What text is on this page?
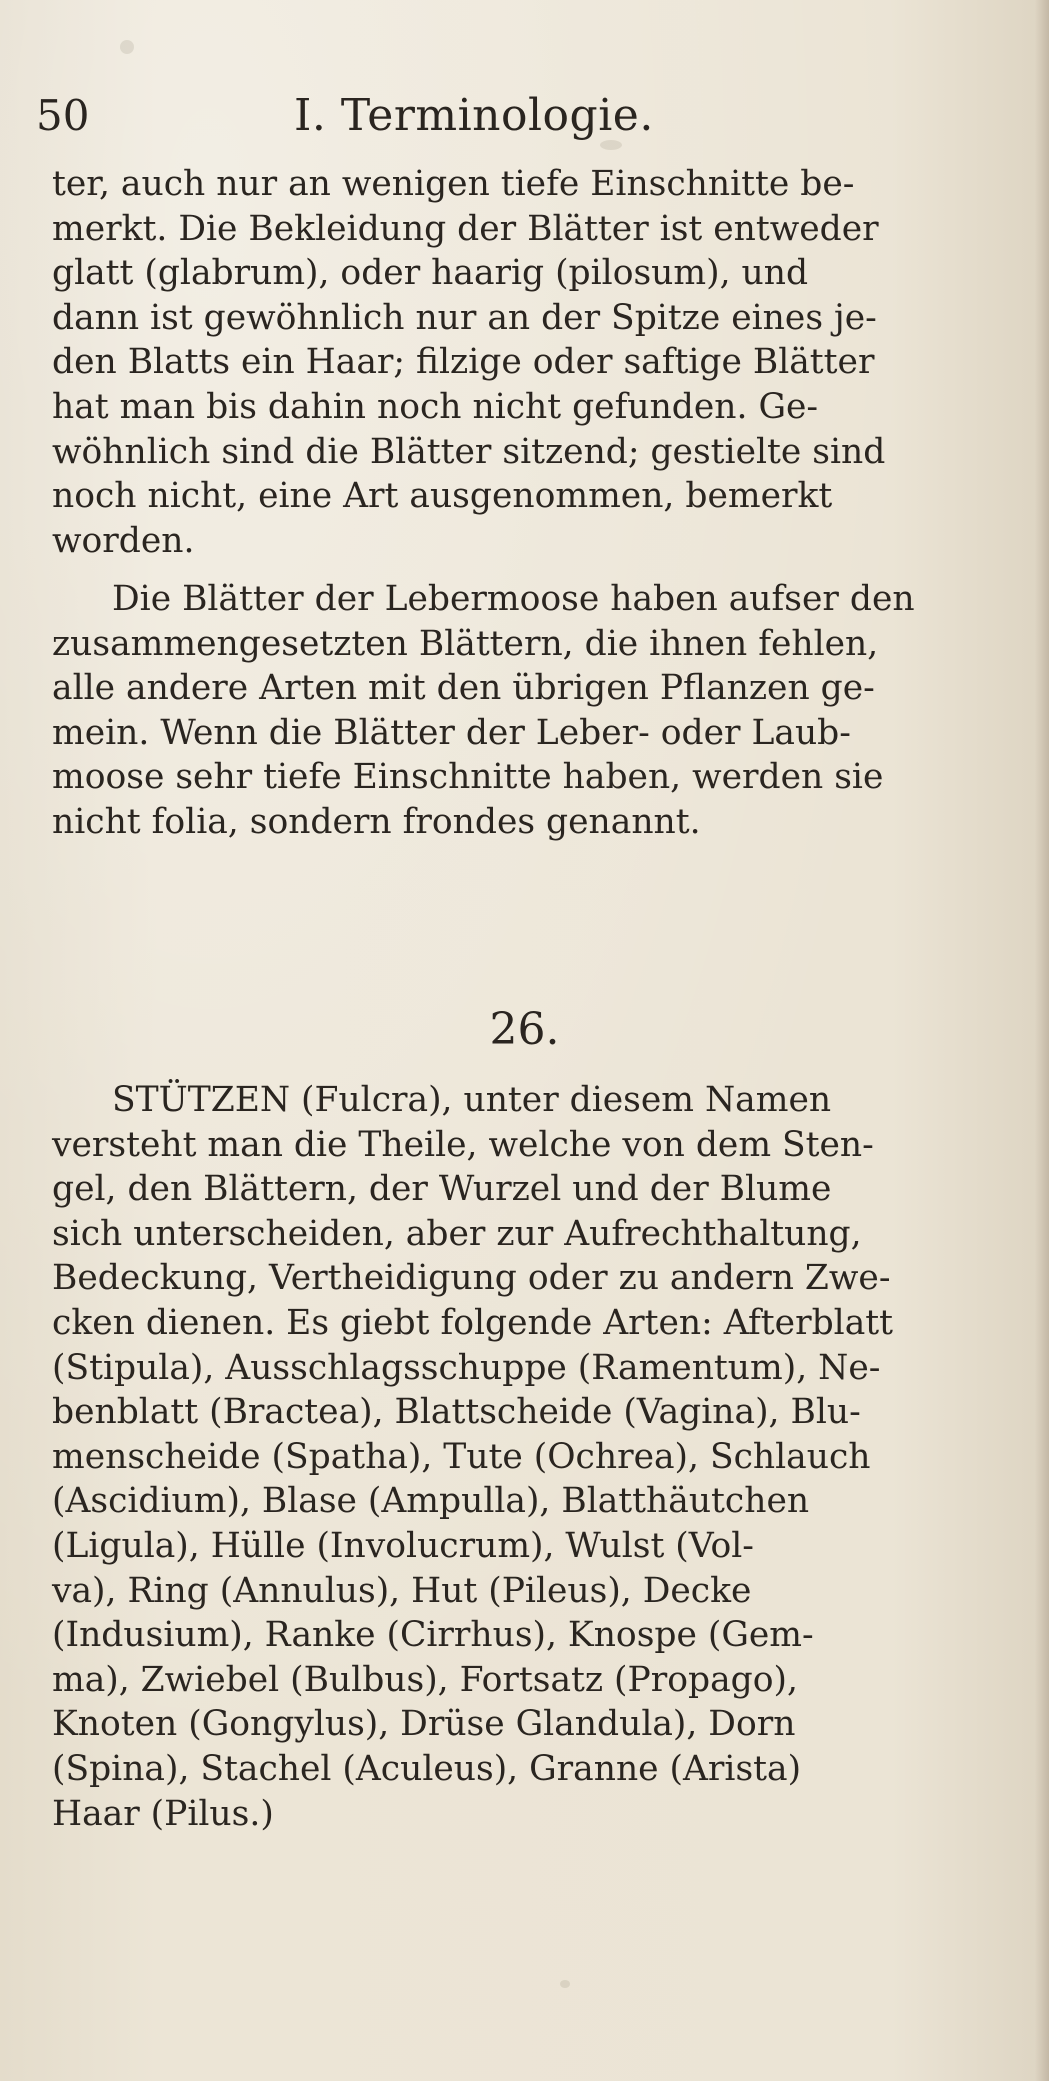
50	I. Terminologie.
ter, auch nur an wenigen tiefe Einschnitte be-
merkt. Die Bekleidung der Blätter ist entweder
glatt (glabrum), oder haarig (pilosum), und
dann ist gewöhnlich nur an der Spitze eines je-
den Blatts ein Haar; filzige oder saftige Blätter
hat man bis dahin noch nicht gefunden. Ge-
wöhnlich sind die Blätter sitzend; gestielte sind
noch nicht, eine Art ausgenommen, bemerkt
worden.
Die Blätter der Lebermoose haben aufser den
zusammengesetzten Blättern, die ihnen fehlen,
alle andere Arten mit den übrigen Pflanzen ge-
mein. Wenn die Blätter der Leber- oder Laub-
moose sehr tiefe Einschnitte haben, werden sie
nicht folia, sondern frondes genannt.
26.
STÜTZEN (Fulcra), unter diesem Namen
versteht man die Theile, welche von dem Sten-
gel, den Blättern, der Wurzel und der Blume
sich unterscheiden, aber zur Aufrechthaltung,
Bedeckung, Vertheidigung oder zu andern Zwe-
cken dienen. Es giebt folgende Arten: Afterblatt
(Stipula), Ausschlagsschuppe (Ramentum), Ne-
benblatt (Bractea), Blattscheide (Vagina), Blu-
menscheide (Spatha), Tute (Ochrea), Schlauch
(Ascidium), Blase (Ampulla), Blatthäutchen
(Ligula), Hülle (Involucrum), Wulst (Vol-
va), Ring (Annulus), Hut (Pileus), Decke
(Indusium), Ranke (Cirrhus), Knospe (Gem-
ma), Zwiebel (Bulbus), Fortsatz (Propago),
Knoten (Gongylus), Drüse Glandula), Dorn
(Spina), Stachel (Aculeus), Granne (Arista)
Haar (Pilus.)
